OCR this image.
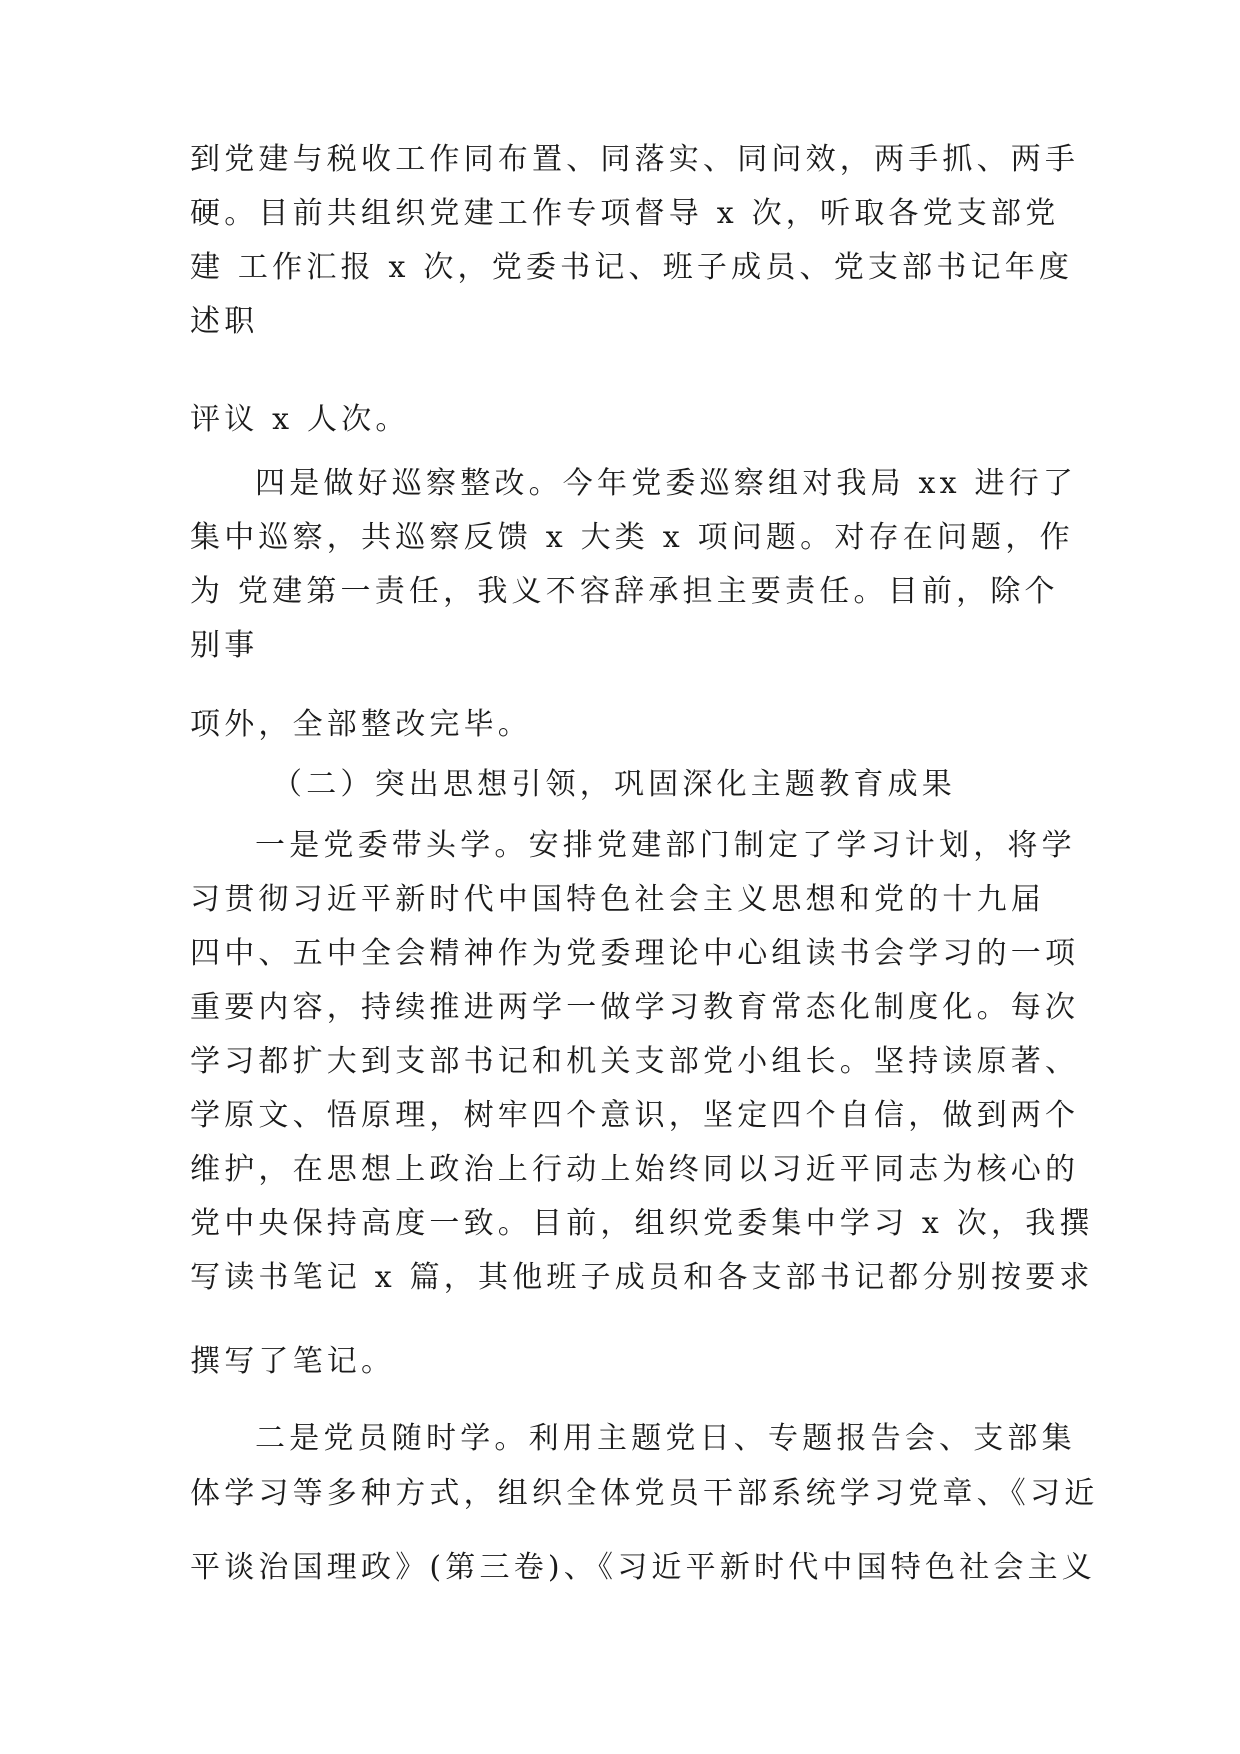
到党建与税收工作同布置、同落实、同问效，两手抓、两手
硬。目前共组织党建工作专项督导 x 次，听取各党支部党
建 工作汇报 x 次，党委书记、班子成员、党支部书记年度
述职
评议 x 人次。
四是做好巡察整改。今年党委巡察组对我局 xx 进行了
集中巡察，共巡察反馈 x 大类 x 项问题。对存在问题，作
为 党建第一责任，我义不容辞承担主要责任。目前，除个
别事
项外，全部整改完毕。
（二）突出思想引领，巩固深化主题教育成果
一是党委带头学。安排党建部门制定了学习计划，将学
习贯彻习近平新时代中国特色社会主义思想和党的十九届
四中、五中全会精神作为党委理论中心组读书会学习的一项
重要内容，持续推进两学一做学习教育常态化制度化。每次
学习都扩大到支部书记和机关支部党小组长。坚持读原著、
学原文、悟原理，树牢四个意识，坚定四个自信，做到两个
维护，在思想上政治上行动上始终同以习近平同志为核心的
党中央保持高度一致。目前，组织党委集中学习 x 次，我撰
写读书笔记 x 篇，其他班子成员和各支部书记都分别按要求
撰写了笔记。
二是党员随时学。利用主题党日、专题报告会、支部集
体学习等多种方式，组织全体党员干部系统学习党章、《习近
平谈治国理政》(第三卷)、《习近平新时代中国特色社会主义
